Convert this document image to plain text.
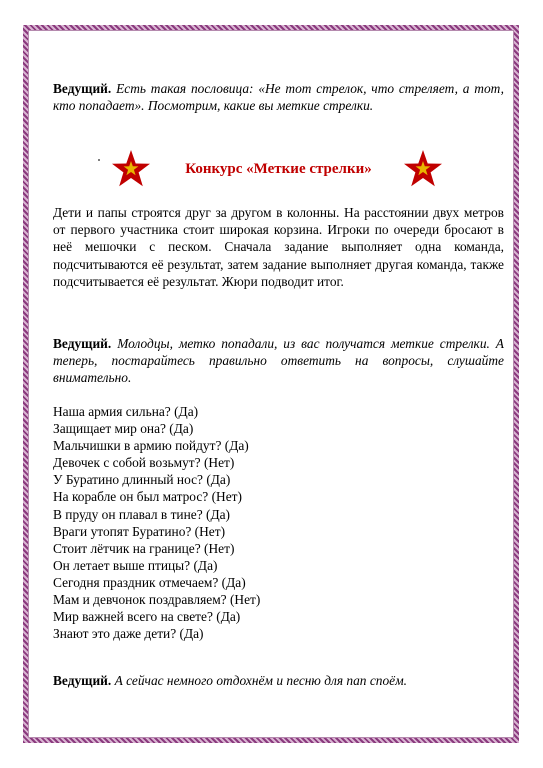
Ведущий. Есть такая пословица: «Не тот стрелок, что стреляет, а тот, кто попадает». Посмотрим, какие вы меткие стрелки.
Конкурс «Меткие стрелки»
Дети и папы строятся друг за другом в колонны. На расстоянии двух метров от первого участника стоит широкая корзина. Игроки по очереди бросают в неё мешочки с песком. Сначала задание выполняет одна команда, подсчитываются её результат, затем задание выполняет другая команда, также подсчитывается её результат. Жюри подводит итог.
Ведущий. Молодцы, метко попадали, из вас получатся меткие стрелки. А теперь, постарайтесь правильно ответить на вопросы, слушайте внимательно.
Наша армия сильна? (Да)
Защищает мир она? (Да)
Мальчишки в армию пойдут? (Да)
Девочек с собой возьмут? (Нет)
У Буратино длинный нос? (Да)
На корабле он был матрос? (Нет)
В пруду он плавал в тине? (Да)
Враги утопят Буратино? (Нет)
Стоит лётчик на границе? (Нет)
Он летает выше птицы? (Да)
Сегодня праздник отмечаем? (Да)
Мам и девчонок поздравляем? (Нет)
Мир важней всего на свете? (Да)
Знают это даже дети? (Да)
Ведущий. А сейчас немного отдохнём и песню для пап споём.
